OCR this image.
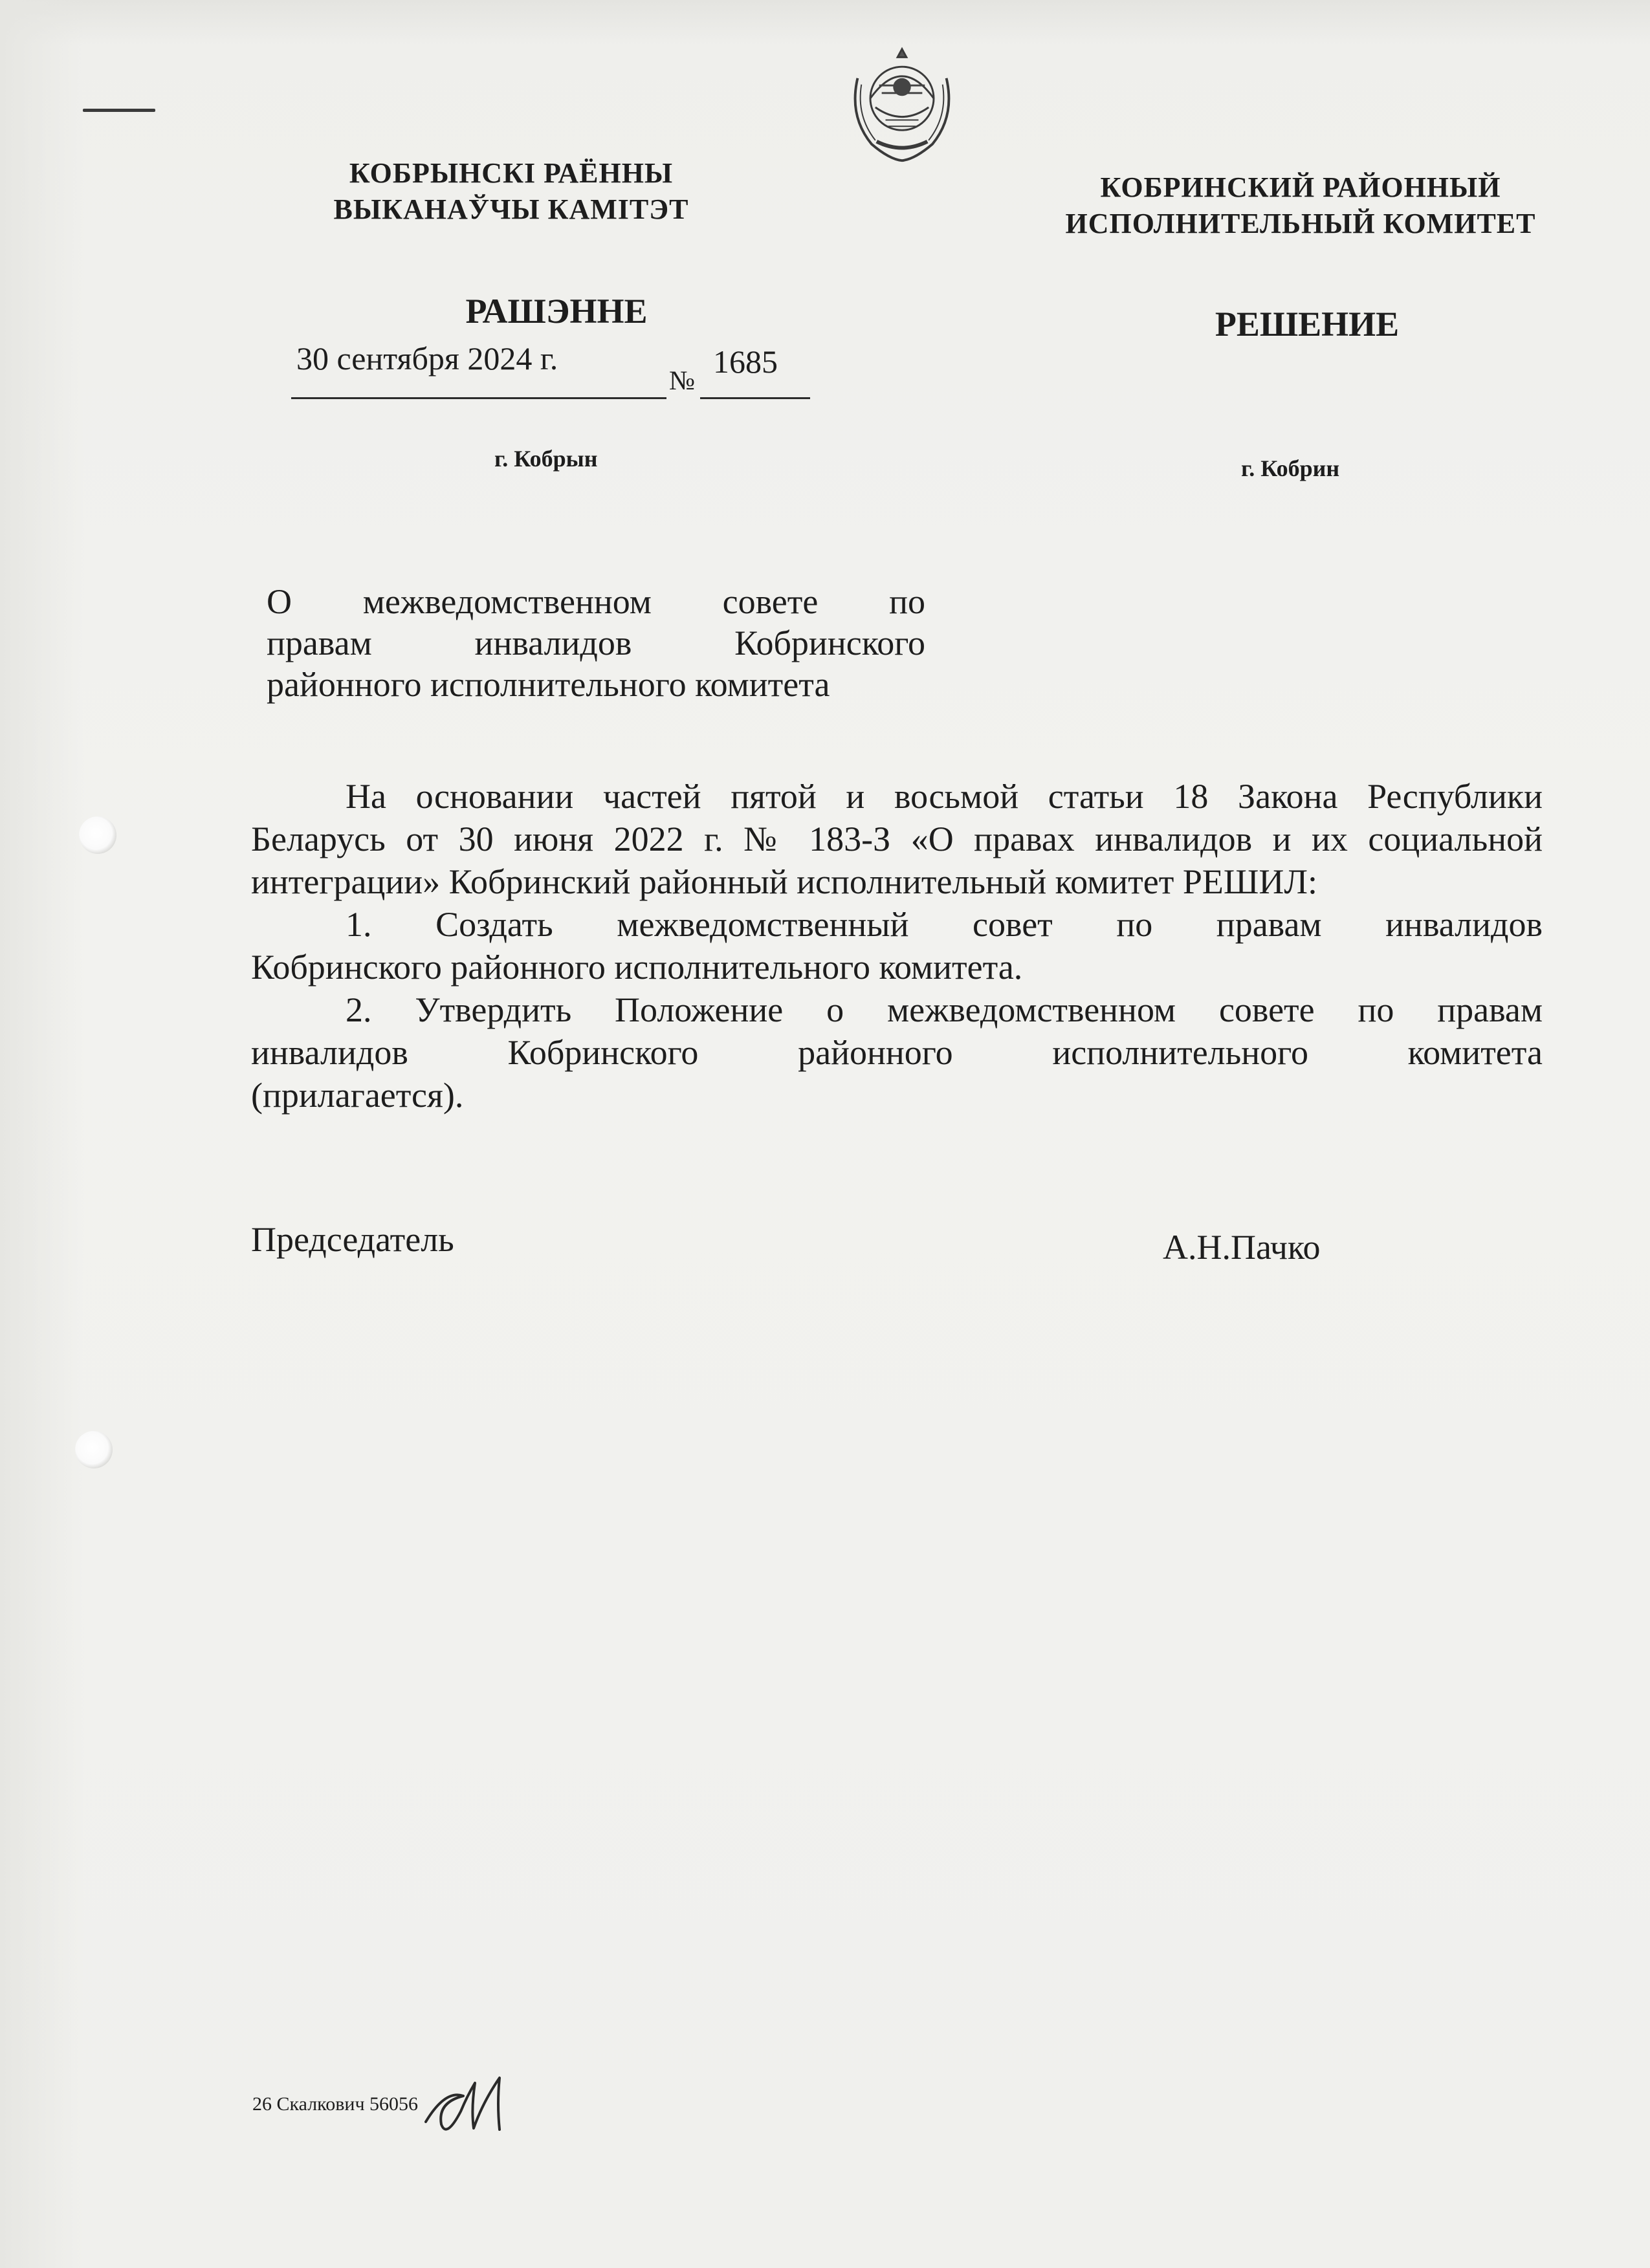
КОБРЫНСКІ РАЁННЫ
ВЫКАНАЎЧЫ КАМІТЭТ
КОБРИНСКИЙ РАЙОННЫЙ
ИСПОЛНИТЕЛЬНЫЙ КОМИТЕТ
РАШЭННЕ	РЕШЕНИЕ
30 сентября 2024 г.
№
1685
г. Кобрын	г. Кобрин
О межведомственном совете по
правам инвалидов Кобринского
районного исполнительного комитета
На основании частей пятой и восьмой статьи 18 Закона Республики
Беларусь от 30 июня 2022 г. № 183-З «О правах инвалидов и их социальной
интеграции» Кобринский районный исполнительный комитет РЕШИЛ:
1. Создать межведомственный совет по правам инвалидов
Кобринского районного исполнительного комитета.
2. Утвердить Положение о межведомственном совете по правам
инвалидов Кобринского районного исполнительного комитета
(прилагается).
Председатель	А.Н.Пачко
26 Скалкович 56056
